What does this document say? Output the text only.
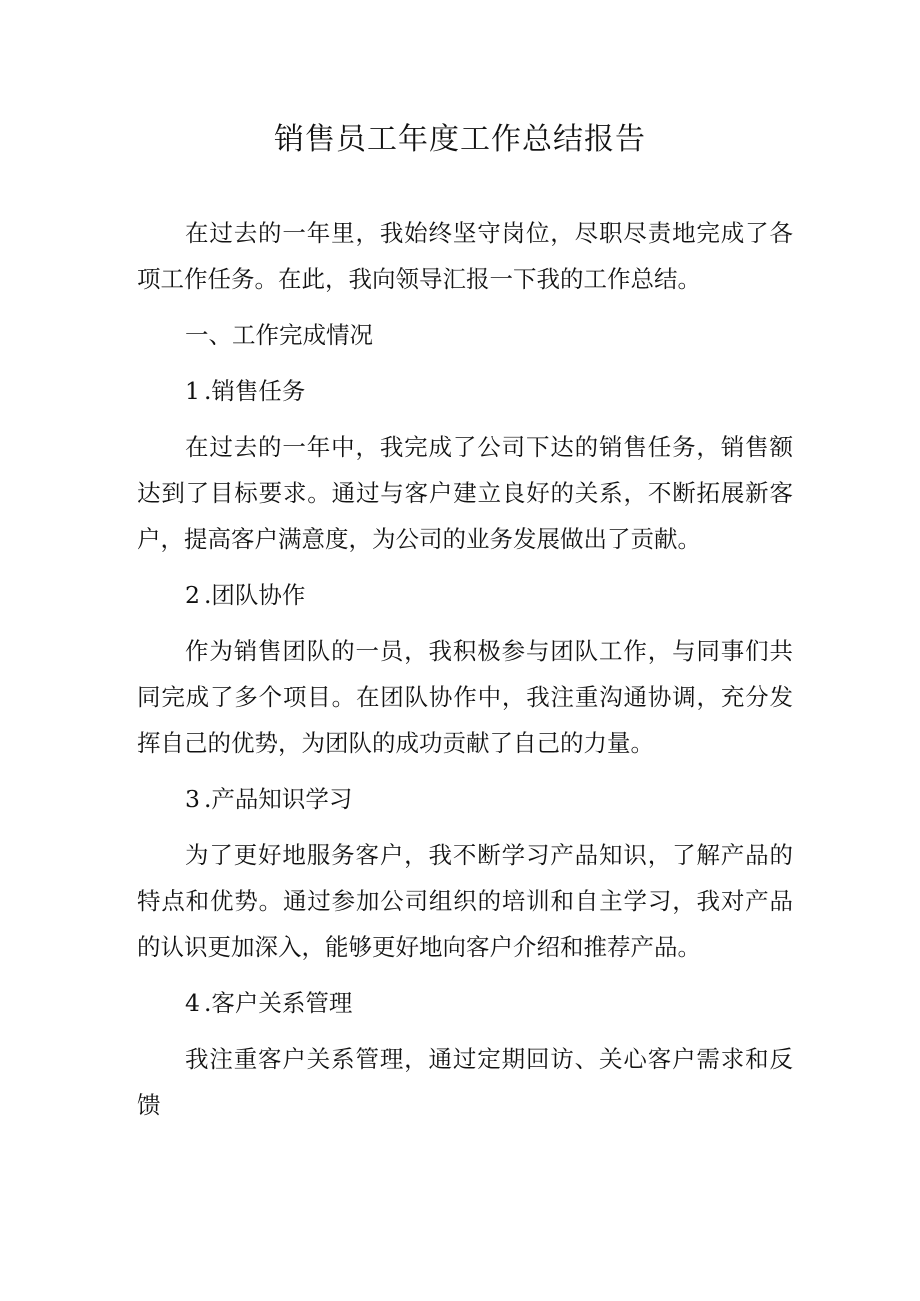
销售员工年度工作总结报告

在过去的一年里，我始终坚守岗位，尽职尽责地完成了各项工作任务。在此，我向领导汇报一下我的工作总结。

一、工作完成情况

1 .销售任务

在过去的一年中，我完成了公司下达的销售任务，销售额达到了目标要求。通过与客户建立良好的关系，不断拓展新客户，提高客户满意度，为公司的业务发展做出了贡献。

2 .团队协作

作为销售团队的一员，我积极参与团队工作，与同事们共同完成了多个项目。在团队协作中，我注重沟通协调，充分发挥自己的优势，为团队的成功贡献了自己的力量。

3 .产品知识学习

为了更好地服务客户，我不断学习产品知识，了解产品的特点和优势。通过参加公司组织的培训和自主学习，我对产品的认识更加深入，能够更好地向客户介绍和推荐产品。

4 .客户关系管理

我注重客户关系管理，通过定期回访、关心客户需求和反馈
